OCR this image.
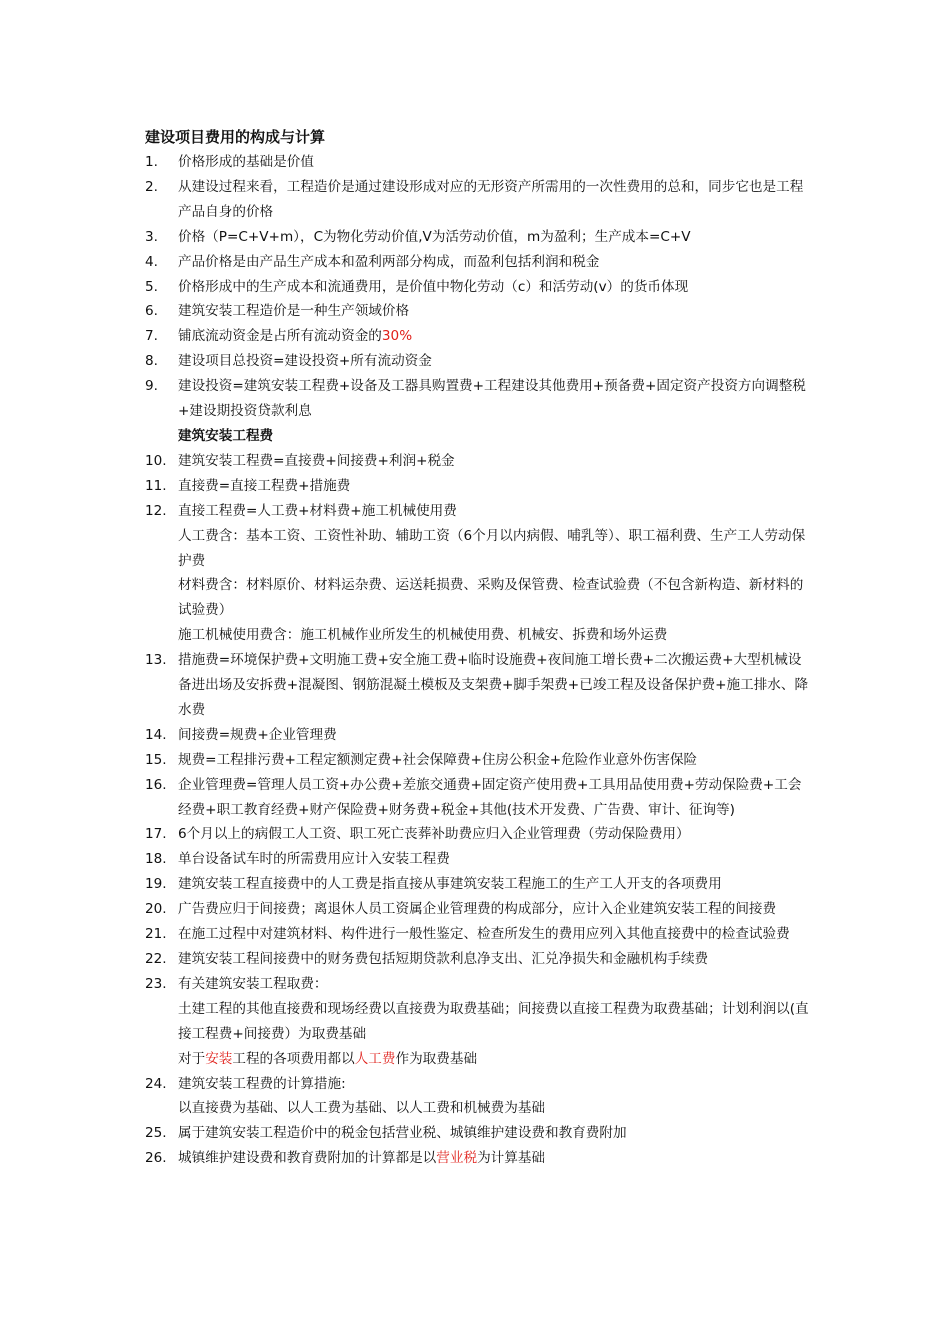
建设项目费用的构成与计算
1. 价格形成的基础是价值
2. 从建设过程来看，工程造价是通过建设形成对应的无形资产所需用的一次性费用的总和，同步它也是工程产品自身的价格
3. 价格（P=C+V+m），C为物化劳动价值,V为活劳动价值，m为盈利；生产成本=C+V
4. 产品价格是由产品生产成本和盈利两部分构成，而盈利包括利润和税金
5. 价格形成中的生产成本和流通费用，是价值中物化劳动（c）和活劳动(v）的货币体现
6. 建筑安装工程造价是一种生产领域价格
7. 铺底流动资金是占所有流动资金的30%
8. 建设项目总投资=建设投资+所有流动资金
9. 建设投资=建筑安装工程费+设备及工器具购置费+工程建设其他费用+预备费+固定资产投资方向调整税+建设期投资贷款利息
建筑安装工程费
10. 建筑安装工程费=直接费+间接费+利润+税金
11. 直接费=直接工程费+措施费
12. 直接工程费=人工费+材料费+施工机械使用费
人工费含：基本工资、工资性补助、辅助工资（6个月以内病假、哺乳等）、职工福利费、生产工人劳动保护费
材料费含：材料原价、材料运杂费、运送耗损费、采购及保管费、检查试验费（不包含新构造、新材料的试验费）
施工机械使用费含：施工机械作业所发生的机械使用费、机械安、拆费和场外运费
13. 措施费=环境保护费+文明施工费+安全施工费+临时设施费+夜间施工增长费+二次搬运费+大型机械设备进出场及安拆费+混凝图、钢筋混凝土模板及支架费+脚手架费+已竣工程及设备保护费+施工排水、降水费
14. 间接费=规费+企业管理费
15. 规费=工程排污费+工程定额测定费+社会保障费+住房公积金+危险作业意外伤害保险
16. 企业管理费=管理人员工资+办公费+差旅交通费+固定资产使用费+工具用品使用费+劳动保险费+工会经费+职工教育经费+财产保险费+财务费+税金+其他(技术开发费、广告费、审计、征询等)
17. 6个月以上的病假工人工资、职工死亡丧葬补助费应归入企业管理费（劳动保险费用）
18. 单台设备试车时的所需费用应计入安装工程费
19. 建筑安装工程直接费中的人工费是指直接从事建筑安装工程施工的生产工人开支的各项费用
20. 广告费应归于间接费；离退休人员工资属企业管理费的构成部分，应计入企业建筑安装工程的间接费
21. 在施工过程中对建筑材料、构件进行一般性鉴定、检查所发生的费用应列入其他直接费中的检查试验费
22. 建筑安装工程间接费中的财务费包括短期贷款利息净支出、汇兑净损失和金融机构手续费
23. 有关建筑安装工程取费：
土建工程的其他直接费和现场经费以直接费为取费基础；间接费以直接工程费为取费基础；计划利润以(直接工程费+间接费）为取费基础
对于安装工程的各项费用都以人工费作为取费基础
24. 建筑安装工程费的计算措施:
以直接费为基础、以人工费为基础、以人工费和机械费为基础
25. 属于建筑安装工程造价中的税金包括营业税、城镇维护建设费和教育费附加
26. 城镇维护建设费和教育费附加的计算都是以营业税为计算基础
